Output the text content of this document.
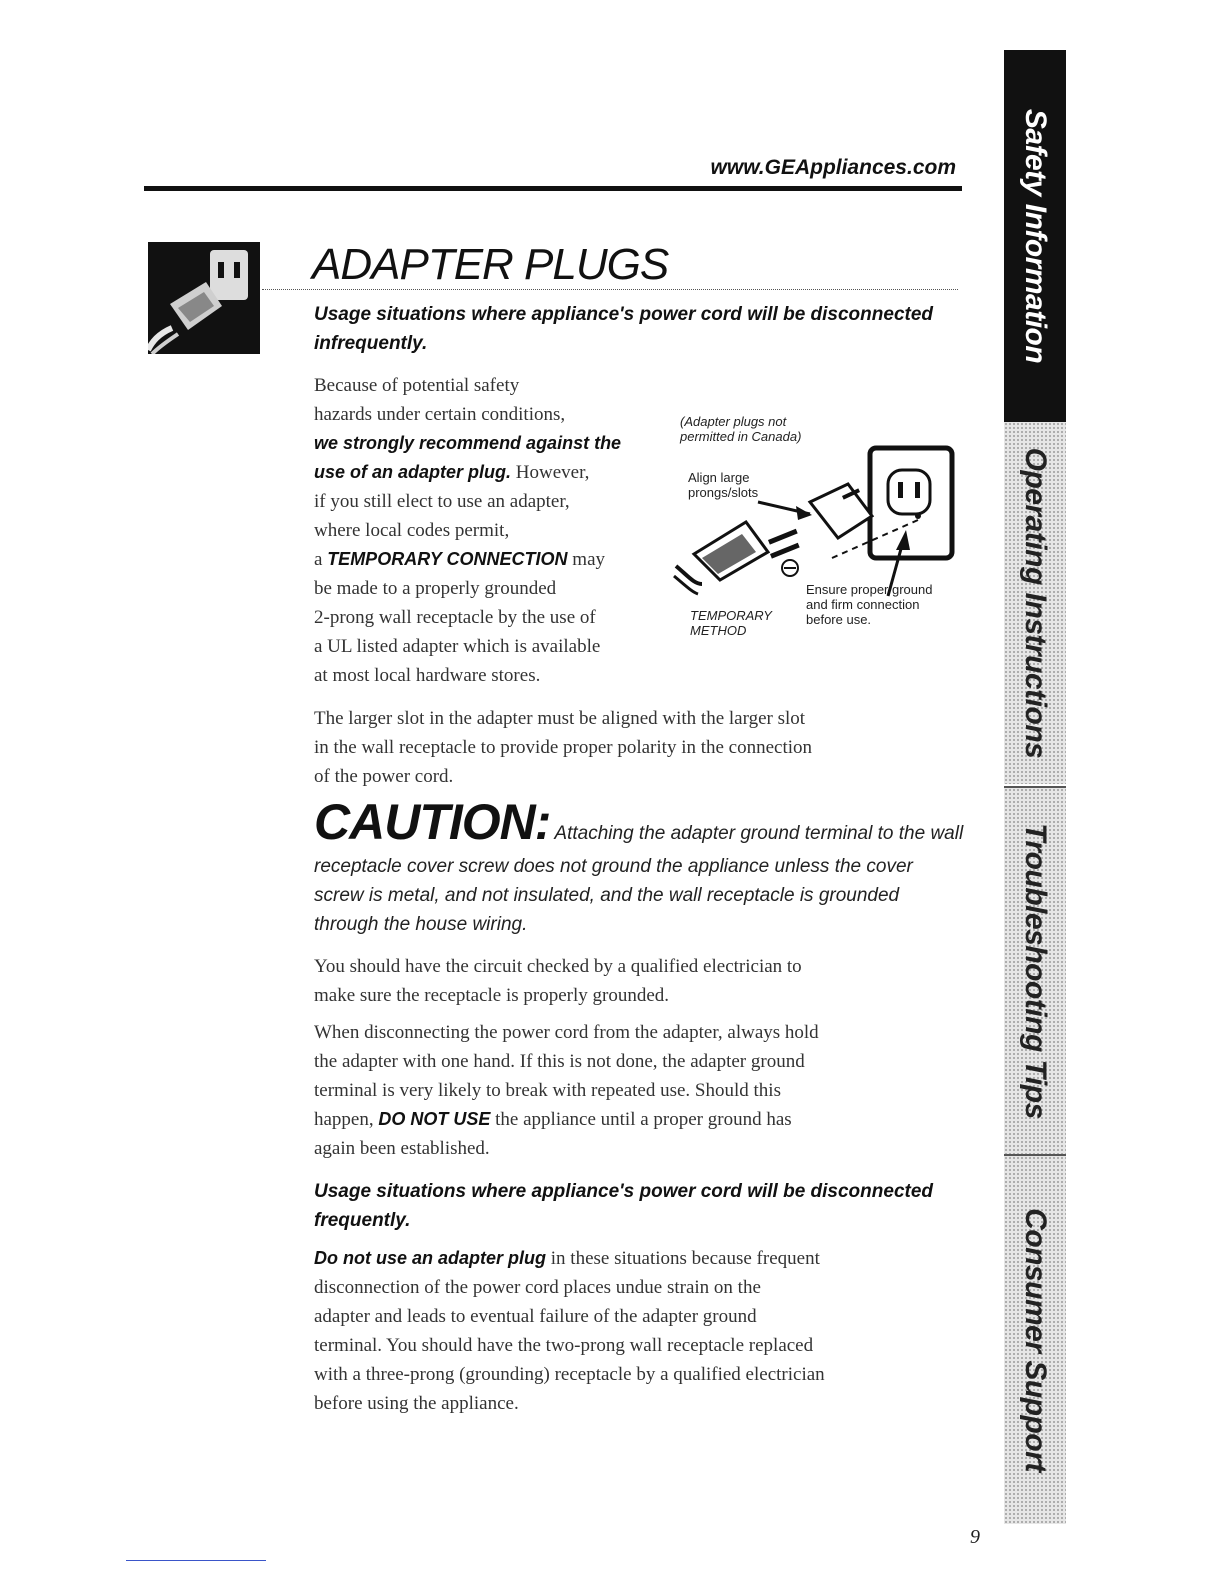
www.GEAppliances.com
ADAPTER PLUGS
Usage situations where appliance's power cord will be disconnected infrequently.
Because of potential safety
hazards under certain conditions,
we strongly recommend against the
use of an adapter plug. However,
if you still elect to use an adapter,
where local codes permit,
a TEMPORARY CONNECTION may
be made to a properly grounded
2-prong wall receptacle by the use of
a UL listed adapter which is available
at most local hardware stores.
(Adapter plugs not
permitted in Canada)
Align large
prongs/slots
Ensure proper ground
and firm connection
before use.
TEMPORARY
METHOD
The larger slot in the adapter must be aligned with the larger slot
in the wall receptacle to provide proper polarity in the connection
of the power cord.
CAUTION: Attaching the adapter ground terminal to the wall
receptacle cover screw does not ground the appliance unless the cover
screw is metal, and not insulated, and the wall receptacle is grounded
through the house wiring.
You should have the circuit checked by a qualified electrician to
make sure the receptacle is properly grounded.
When disconnecting the power cord from the adapter, always hold
the adapter with one hand. If this is not done, the adapter ground
terminal is very likely to break with repeated use. Should this
happen, DO NOT USE the appliance until a proper ground has
again been established.
Usage situations where appliance's power cord will be disconnected frequently.
Do not use an adapter plug in these situations because frequent
disconnection of the power cord places undue strain on the
adapter and leads to eventual failure of the adapter ground
terminal. You should have the two-prong wall receptacle replaced
with a three-prong (grounding) receptacle by a qualified electrician
before using the appliance.
Safety Information
Operating Instructions
Troubleshooting Tips
Consumer Support
9
